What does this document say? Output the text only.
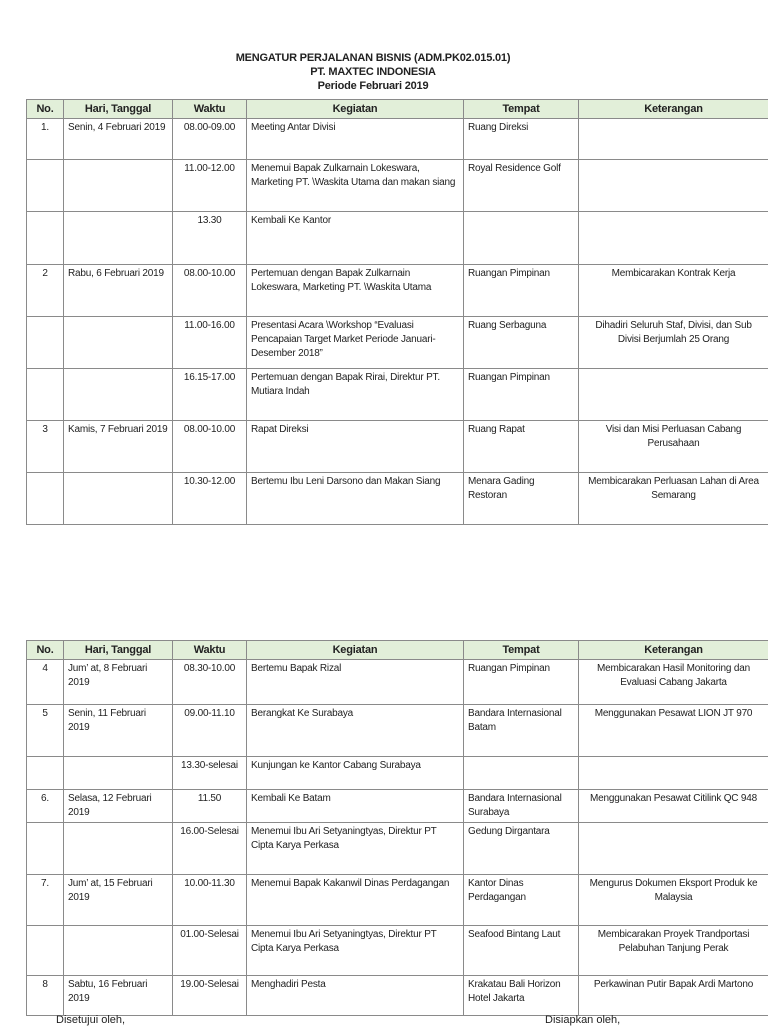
MENGATUR PERJALANAN BISNIS (ADM.PK02.015.01)
PT. MAXTEC INDONESIA
Periode Februari 2019
No.	Hari, Tanggal	Waktu	Kegiatan	Tempat	Keterangan
1.	Senin, 4 Februari 2019	08.00-09.00	Meeting Antar Divisi	Ruang Direksi	
		11.00-12.00	Menemui Bapak Zulkarnain Lokeswara, Marketing PT. \Waskita Utama dan makan siang	Royal Residence Golf	
		13.30	Kembali Ke Kantor		
2	Rabu, 6 Februari 2019	08.00-10.00	Pertemuan dengan Bapak Zulkarnain Lokeswara, Marketing PT. \Waskita Utama	Ruangan Pimpinan	Membicarakan Kontrak Kerja
		11.00-16.00	Presentasi Acara \Workshop “Evaluasi Pencapaian Target Market Periode Januari-Desember 2018”	Ruang Serbaguna	Dihadiri Seluruh Staf, Divisi, dan Sub Divisi Berjumlah 25 Orang
		16.15-17.00	Pertemuan dengan Bapak Rirai, Direktur PT. Mutiara Indah	Ruangan Pimpinan	
3	Kamis, 7 Februari 2019	08.00-10.00	Rapat Direksi	Ruang Rapat	Visi dan Misi Perluasan Cabang Perusahaan
		10.30-12.00	Bertemu Ibu Leni Darsono dan Makan Siang	Menara Gading Restoran	Membicarakan Perluasan Lahan di Area Semarang
No.	Hari, Tanggal	Waktu	Kegiatan	Tempat	Keterangan
4	Jum’ at, 8 Februari 2019	08.30-10.00	Bertemu Bapak Rizal	Ruangan Pimpinan	Membicarakan Hasil Monitoring dan Evaluasi Cabang Jakarta
5	Senin, 11 Februari 2019	09.00-11.10	Berangkat Ke Surabaya	Bandara Internasional Batam	Menggunakan Pesawat LION JT 970
		13.30-selesai	Kunjungan ke Kantor Cabang Surabaya		
6.	Selasa, 12 Februari 2019	11.50	Kembali Ke Batam	Bandara Internasional Surabaya	Menggunakan Pesawat Citilink QC 948
		16.00-Selesai	Menemui Ibu Ari Setyaningtyas, Direktur PT Cipta Karya Perkasa	Gedung Dirgantara	
7.	Jum’ at, 15 Februari 2019	10.00-11.30	Menemui Bapak Kakanwil Dinas Perdagangan	Kantor Dinas Perdagangan	Mengurus Dokumen Eksport Produk ke Malaysia
		01.00-Selesai	Menemui Ibu Ari Setyaningtyas, Direktur PT Cipta Karya Perkasa	Seafood Bintang Laut	Membicarakan Proyek Trandportasi Pelabuhan Tanjung Perak
8	Sabtu, 16 Februari 2019	19.00-Selesai	Menghadiri Pesta	Krakatau Bali Horizon Hotel Jakarta	Perkawinan Putir Bapak Ardi Martono
Disetujui oleh,	Disiapkan oleh,
